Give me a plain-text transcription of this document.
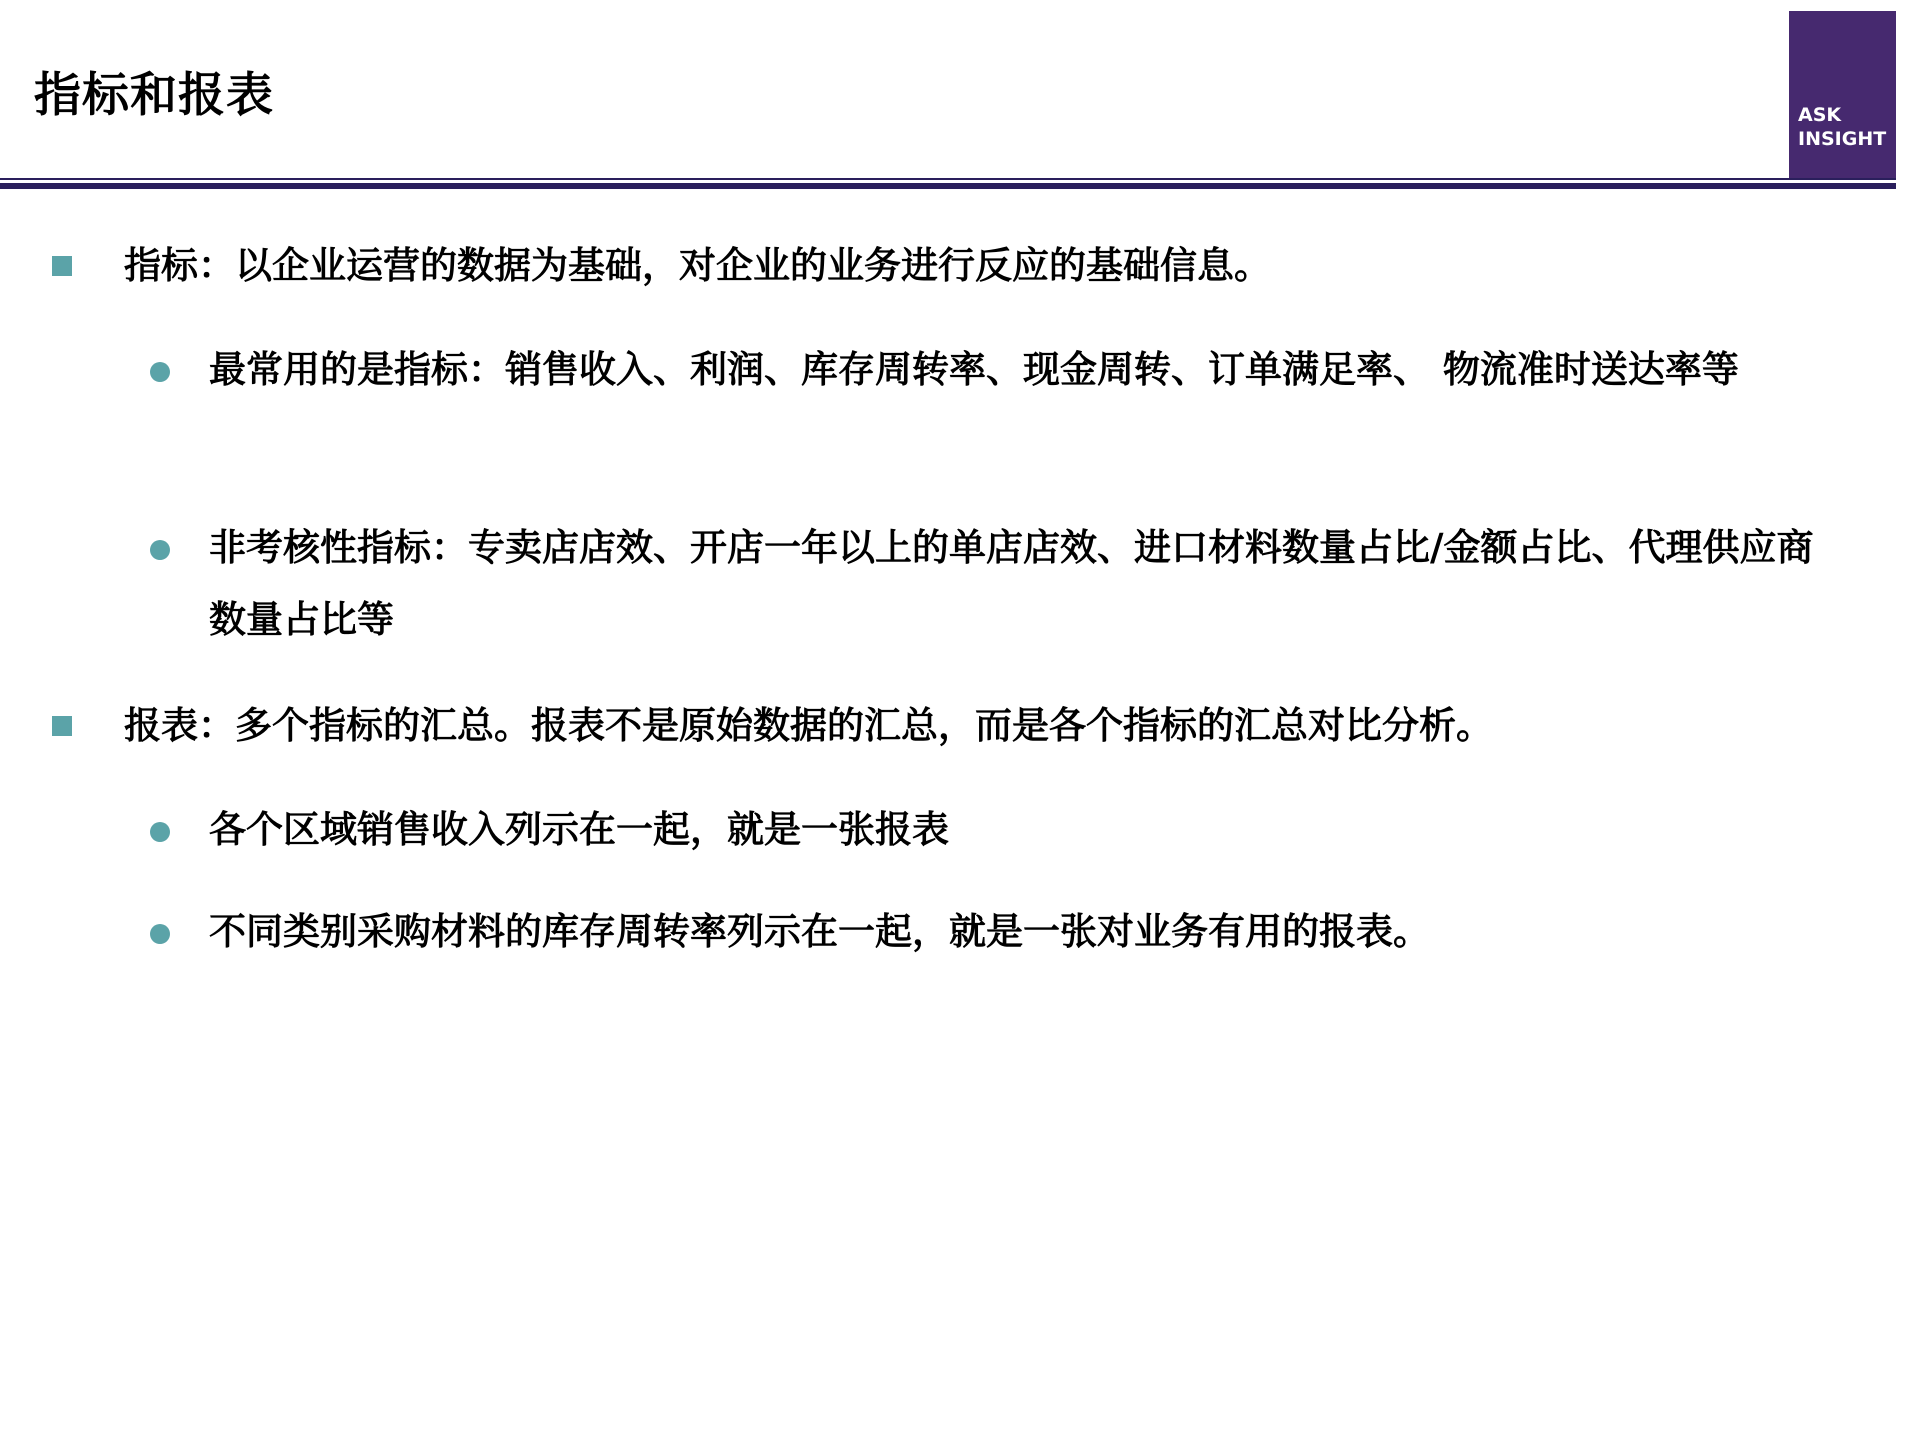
指标和报表	ASK
INSIGHT
指标：以企业运营的数据为基础，对企业的业务进行反应的基础信息。
最常用的是指标：销售收入、利润、库存周转率、现金周转、订单满足率、 物流准时送达率等
非考核性指标：专卖店店效、开店一年以上的单店店效、进口材料数量占比/金额占比、代理供应商数量占比等
报表：多个指标的汇总。报表不是原始数据的汇总，而是各个指标的汇总对比分析。
各个区域销售收入列示在一起，就是一张报表
不同类别采购材料的库存周转率列示在一起，就是一张对业务有用的报表。
